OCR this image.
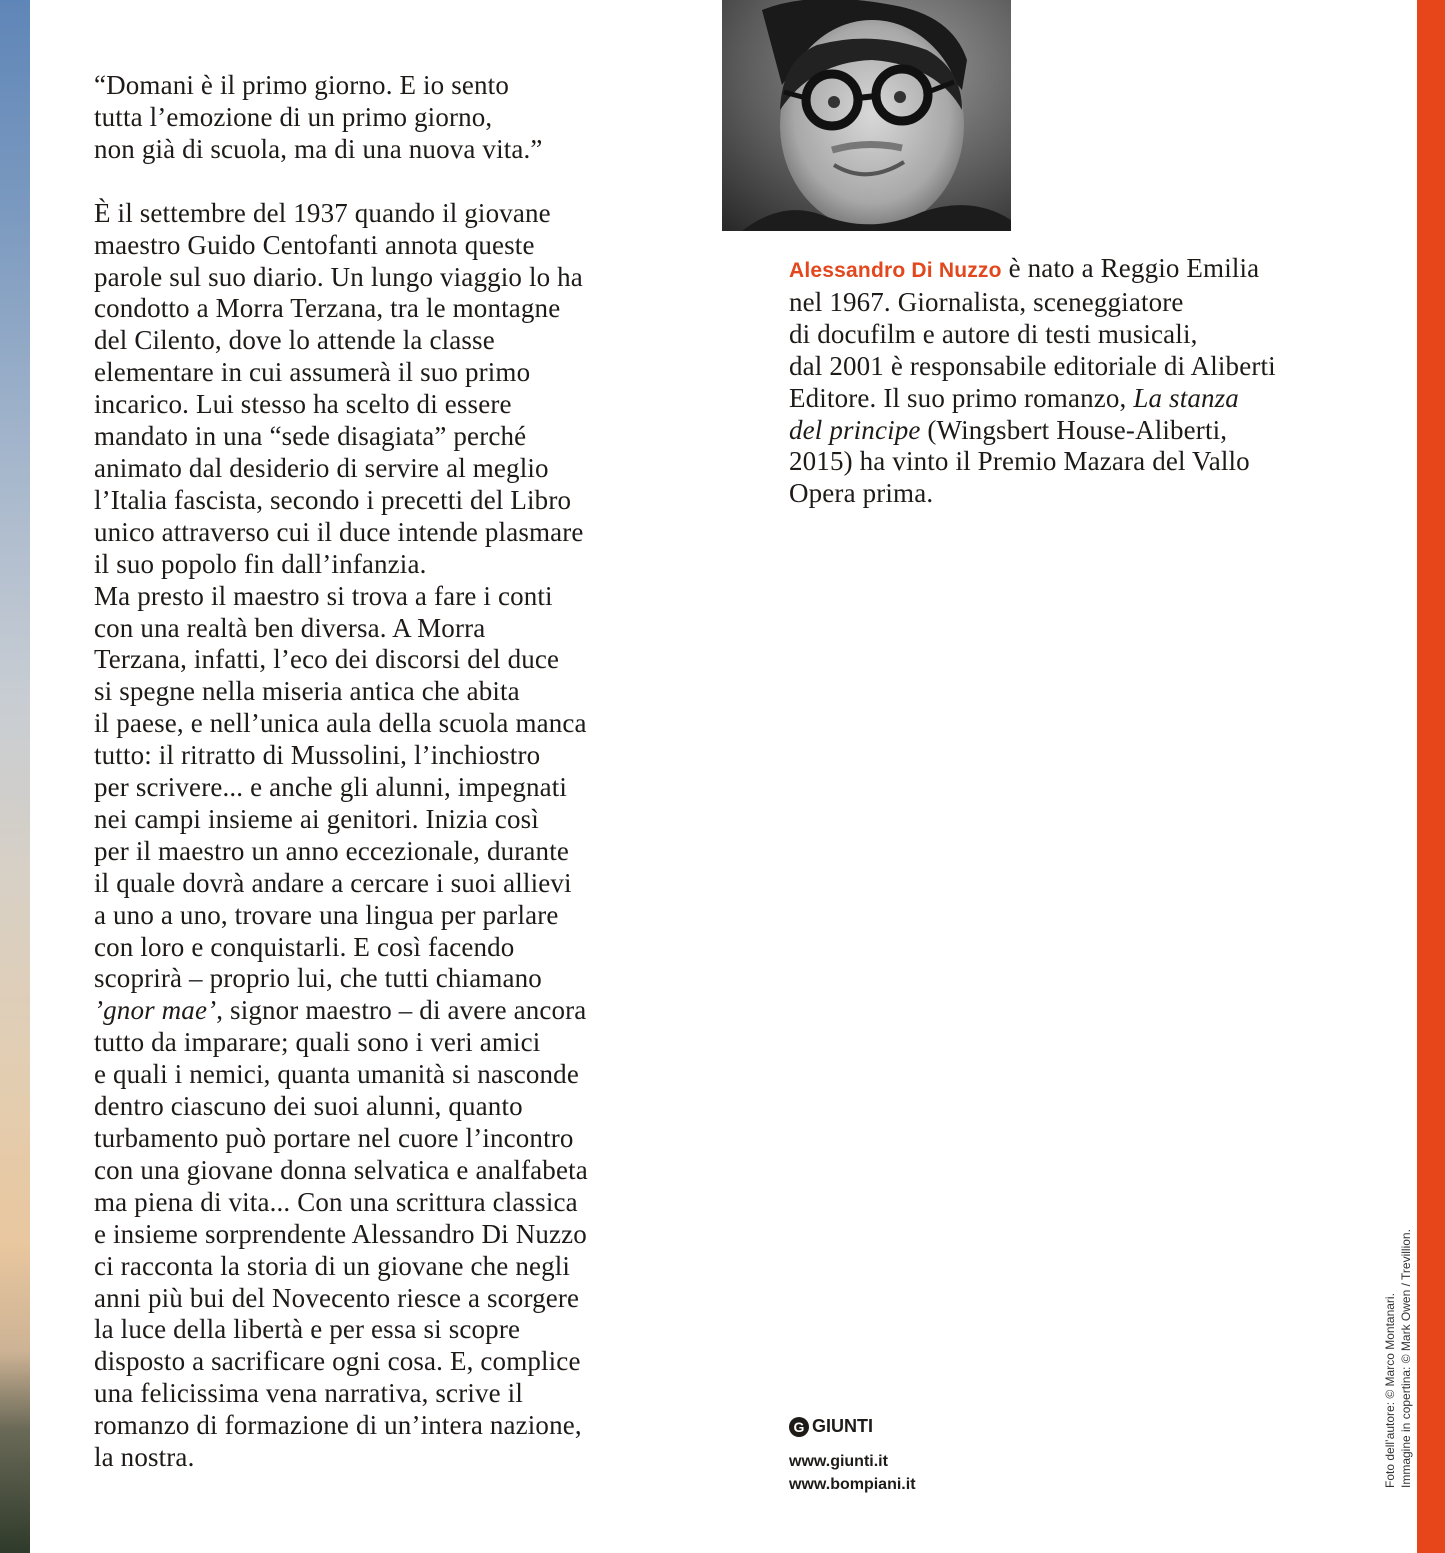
“Domani è il primo giorno. E io sento

tutta l’emozione di un primo giorno,

non già di scuola, ma di una nuova vita.”

È il settembre del 1937 quando il giovane

maestro Guido Centofanti annota queste

parole sul suo diario. Un lungo viaggio lo ha

condotto a Morra Terzana, tra le montagne

del Cilento, dove lo attende la classe

elementare in cui assumerà il suo primo

incarico. Lui stesso ha scelto di essere

mandato in una “sede disagiata” perché

animato dal desiderio di servire al meglio

l’Italia fascista, secondo i precetti del Libro

unico attraverso cui il duce intende plasmare

il suo popolo fin dall’infanzia.

Ma presto il maestro si trova a fare i conti

con una realtà ben diversa. A Morra

Terzana, infatti, l’eco dei discorsi del duce

si spegne nella miseria antica che abita

il paese, e nell’unica aula della scuola manca

tutto: il ritratto di Mussolini, l’inchiostro

per scrivere... e anche gli alunni, impegnati

nei campi insieme ai genitori. Inizia così

per il maestro un anno eccezionale, durante

il quale dovrà andare a cercare i suoi allievi

a uno a uno, trovare una lingua per parlare

con loro e conquistarli. E così facendo

scoprirà – proprio lui, che tutti chiamano

’gnor mae’, signor maestro – di avere ancora

tutto da imparare; quali sono i veri amici

e quali i nemici, quanta umanità si nasconde

dentro ciascuno dei suoi alunni, quanto

turbamento può portare nel cuore l’incontro

con una giovane donna selvatica e analfabeta

ma piena di vita... Con una scrittura classica

e insieme sorprendente Alessandro Di Nuzzo

ci racconta la storia di un giovane che negli

anni più bui del Novecento riesce a scorgere

la luce della libertà e per essa si scopre

disposto a sacrificare ogni cosa. E, complice

una felicissima vena narrativa, scrive il

romanzo di formazione di un’intera nazione,

la nostra.

Alessandro Di Nuzzo è nato a Reggio Emilia

nel 1967. Giornalista, sceneggiatore

di docufilm e autore di testi musicali,

dal 2001 è responsabile editoriale di Aliberti

Editore. Il suo primo romanzo, La stanza

del principe (Wingsbert House-Aliberti,

2015) ha vinto il Premio Mazara del Vallo

Opera prima.

G GIUNTI
www.giunti.it
www.bompiani.it	Foto dell’autore: © Marco Montanari. Immagine in copertina: © Mark Owen / Trevillion.
